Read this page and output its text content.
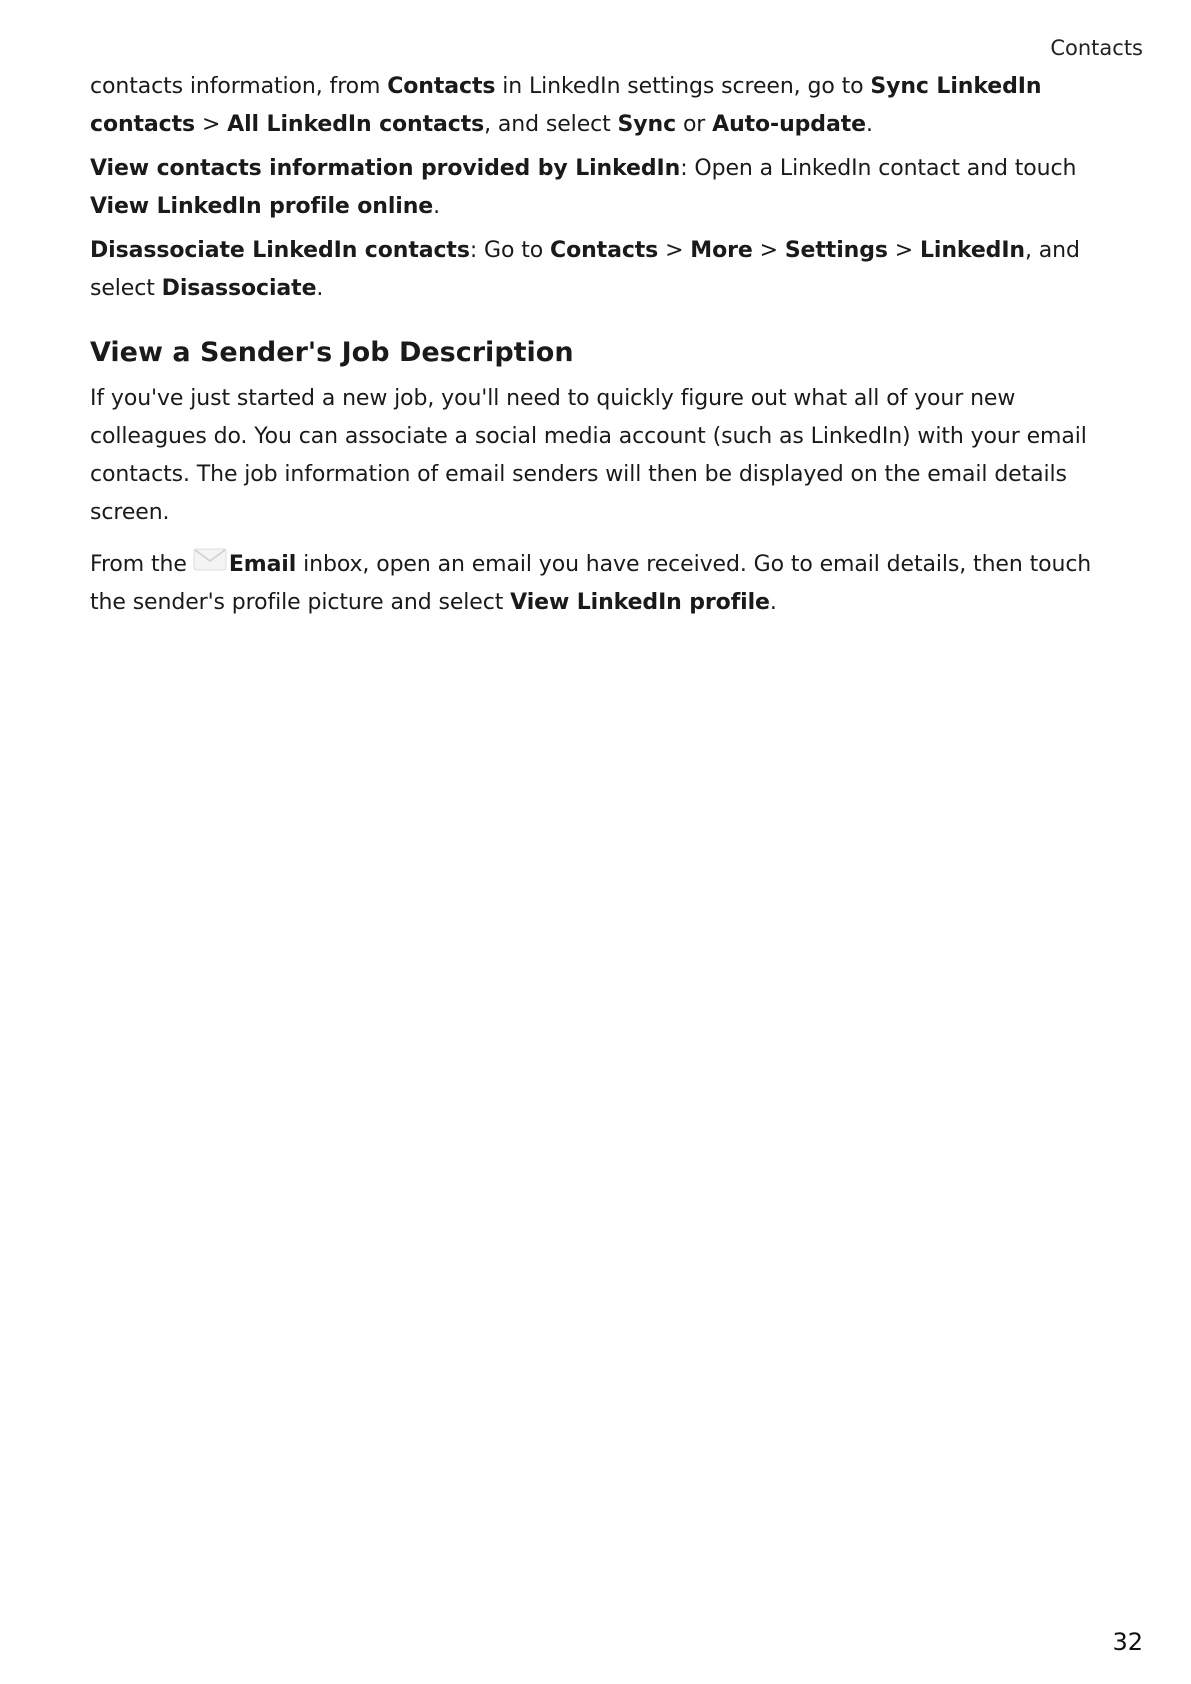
Contacts

contacts information, from Contacts in LinkedIn settings screen, go to Sync LinkedIn contacts > All LinkedIn contacts, and select Sync or Auto-update.

View contacts information provided by LinkedIn: Open a LinkedIn contact and touch View LinkedIn profile online.

Disassociate LinkedIn contacts: Go to Contacts > More > Settings > LinkedIn, and select Disassociate.

View a Sender's Job Description

If you've just started a new job, you'll need to quickly figure out what all of your new colleagues do. You can associate a social media account (such as LinkedIn) with your email contacts. The job information of email senders will then be displayed on the email details screen.

From the Email inbox, open an email you have received. Go to email details, then touch the sender's profile picture and select View LinkedIn profile.

32
